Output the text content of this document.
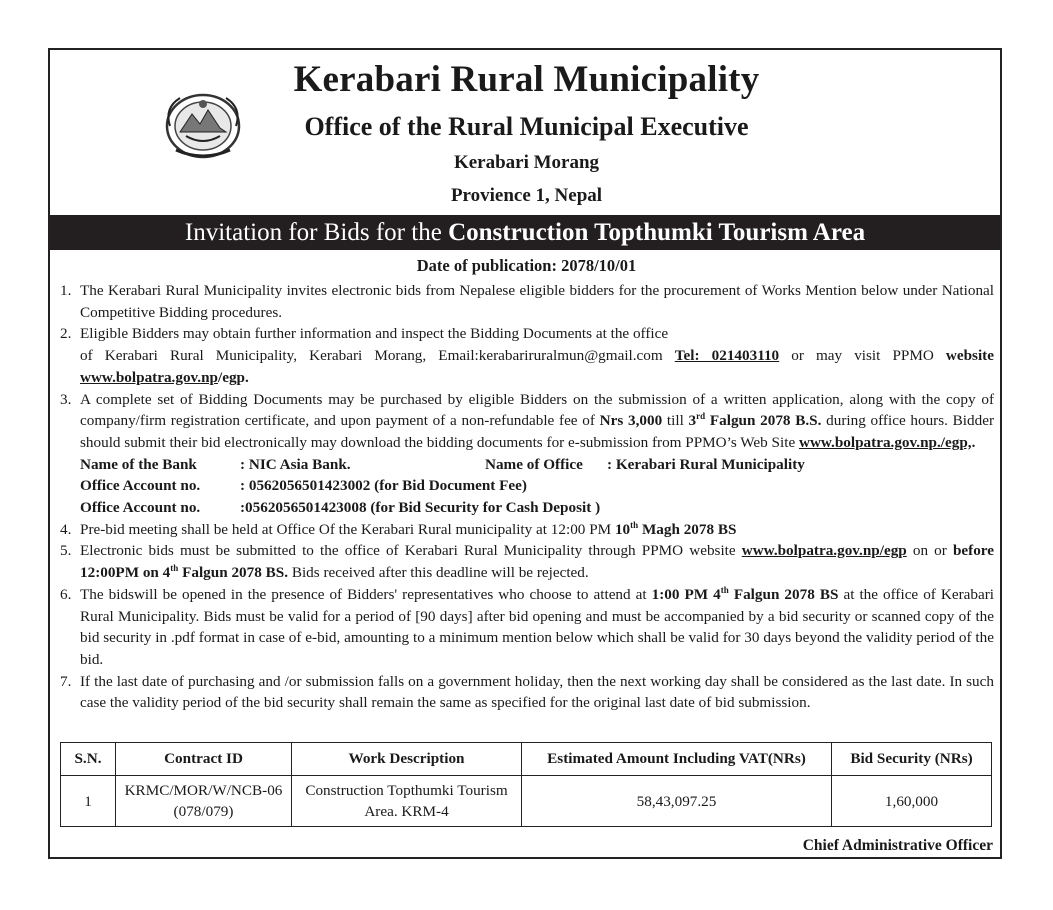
Kerabari Rural Municipality
Office of the Rural Municipal Executive
Kerabari Morang
Provience 1, Nepal
Invitation for Bids for the Construction Topthumki Tourism Area
Date of publication: 2078/10/01
1. The Kerabari Rural Municipality invites electronic bids from Nepalese eligible bidders for the procurement of Works Mention below under National Competitive Bidding procedures.
2. Eligible Bidders may obtain further information and inspect the Bidding Documents at the office
of Kerabari Rural Municipality, Kerabari Morang, Email:kerabariruralmun@gmail.com Tel: 021403110 or may visit PPMO website www.bolpatra.gov.np/egp.
3. A complete set of Bidding Documents may be purchased by eligible Bidders on the submission of a written application, along with the copy of company/firm registration certificate, and upon payment of a non-refundable fee of Nrs 3,000 till 3rd Falgun 2078 B.S. during office hours. Bidder should submit their bid electronically may download the bidding documents for e-submission from PPMO’s Web Site www.bolpatra.gov.np./egp,.
Name of the Bank	: NIC Asia Bank.	Name of Office	: Kerabari Rural Municipality
Office Account no.	: 0562056501423002 (for Bid Document Fee)
Office Account no.	:0562056501423008 (for Bid Security for Cash Deposit )
4. Pre-bid meeting shall be held at Office Of the Kerabari Rural municipality at 12:00 PM 10th Magh 2078 BS
5. Electronic bids must be submitted to the office of Kerabari Rural Municipality through PPMO website www.bolpatra.gov.np/egp on or before 12:00PM on 4th Falgun 2078 BS. Bids received after this deadline will be rejected.
6. The bidswill be opened in the presence of Bidders' representatives who choose to attend at 1:00 PM 4th Falgun 2078 BS at the office of Kerabari Rural Municipality. Bids must be valid for a period of [90 days] after bid opening and must be accompanied by a bid security or scanned copy of the bid security in .pdf format in case of e-bid, amounting to a minimum mention below which shall be valid for 30 days beyond the validity period of the bid.
7. If the last date of purchasing and /or submission falls on a government holiday, then the next working day shall be considered as the last date. In such case the validity period of the bid security shall remain the same as specified for the original last date of bid submission.
S.N.	Contract ID	Work Description	Estimated Amount Including VAT(NRs)	Bid Security (NRs)
1	KRMC/MOR/W/NCB-06(078/079)	Construction Topthumki Tourism Area. KRM-4	58,43,097.25	1,60,000
Chief Administrative Officer
